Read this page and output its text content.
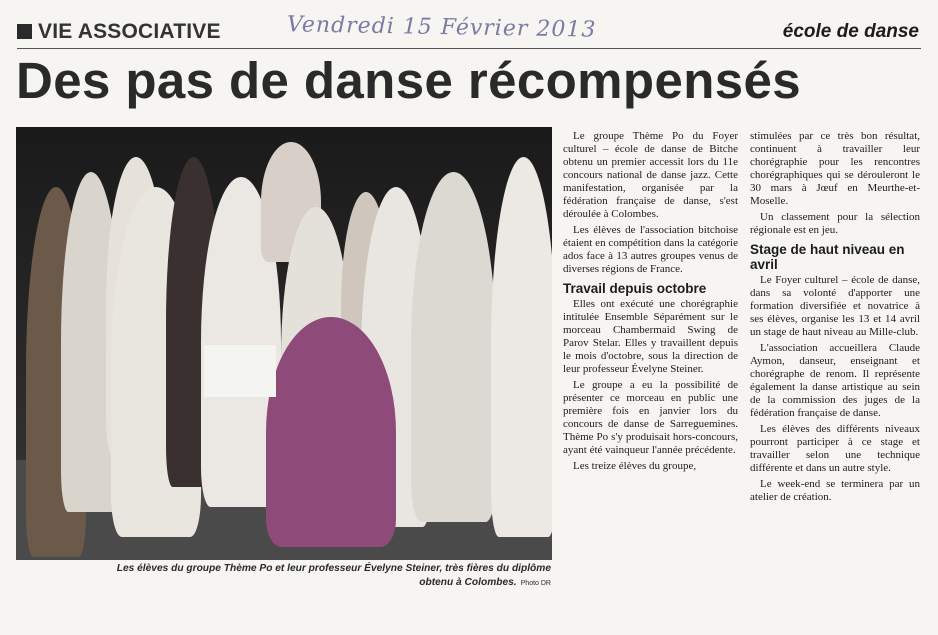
VIE ASSOCIATIVE	Vendredi 15 Février 2013	école de danse
Des pas de danse récompensés
Les élèves du groupe Thème Po et leur professeur Évelyne Steiner, très fières du diplôme obtenu à Colombes. Photo DR

Le groupe Thème Po du Foyer culturel – école de danse de Bitche obtenu un premier accessit lors du 11e concours national de danse jazz. Cette manifestation, organisée par la fédération française de danse, s'est déroulée à Colombes.

Les élèves de l'association bitchoise étaient en compétition dans la catégorie ados face à 13 autres groupes venus de diverses régions de France.

Travail depuis octobre

Elles ont exécuté une chorégraphie intitulée Ensemble Séparément sur le morceau Chambermaid Swing de Parov Stelar. Elles y travaillent depuis le mois d'octobre, sous la direction de leur professeur Évelyne Steiner.

Le groupe a eu la possibilité de présenter ce morceau en public une première fois en janvier lors du concours de danse de Sarreguemines. Thème Po s'y produisait hors-concours, ayant été vainqueur l'année précédente.

Les treize élèves du groupe,

stimulées par ce très bon résultat, continuent à travailler leur chorégraphie pour les rencontres chorégraphiques qui se dérouleront le 30 mars à Jœuf en Meurthe-et-Moselle.

Un classement pour la sélection régionale est en jeu.

Stage de haut niveau en avril

Le Foyer culturel – école de danse, dans sa volonté d'apporter une formation diversifiée et novatrice à ses élèves, organise les 13 et 14 avril un stage de haut niveau au Mille-club.

L'association accueillera Claude Aymon, danseur, enseignant et chorégraphe de renom. Il représente également la danse artistique au sein de la commission des juges de la fédération française de danse.

Les élèves des différents niveaux pourront participer à ce stage et travailler selon une technique différente et dans un autre style.

Le week-end se terminera par un atelier de création.
